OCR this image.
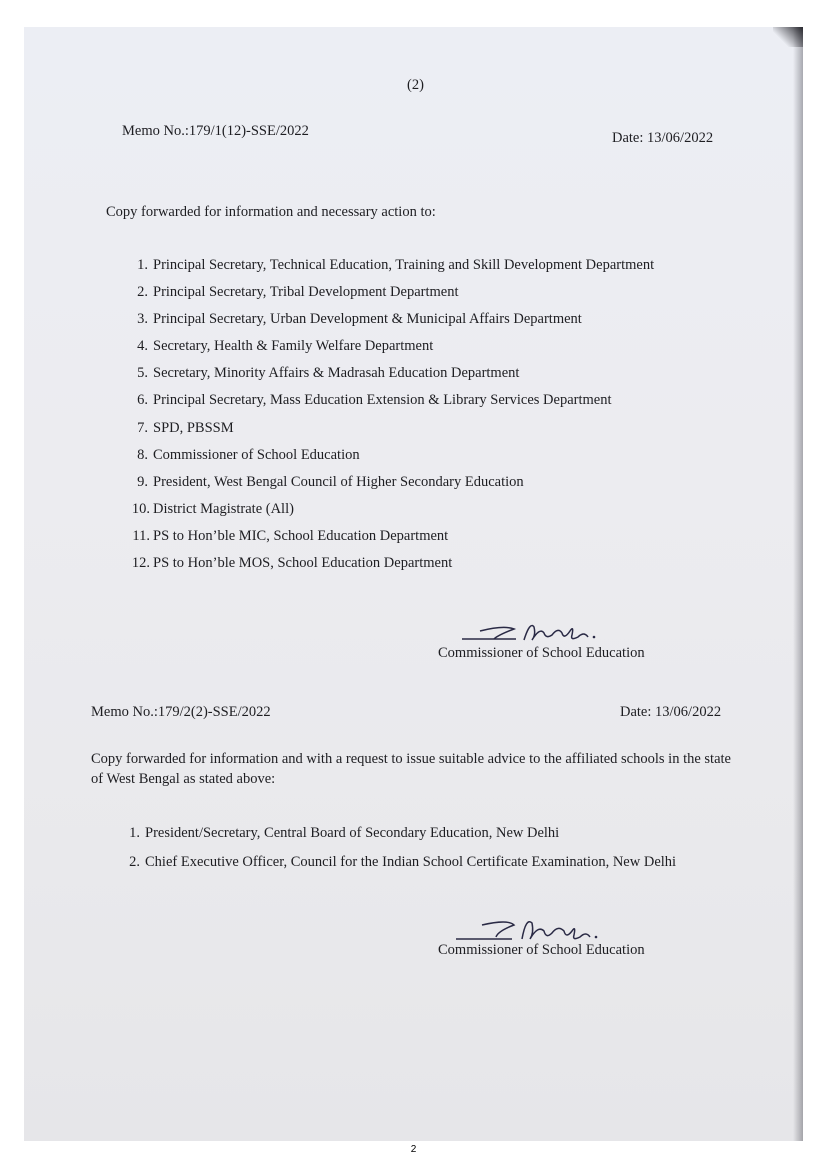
(2)
Memo No.:179/1(12)-SSE/2022	Date: 13/06/2022
Copy forwarded for information and necessary action to:
1. Principal Secretary, Technical Education, Training and Skill Development Department
2. Principal Secretary, Tribal Development Department
3. Principal Secretary, Urban Development & Municipal Affairs Department
4. Secretary, Health & Family Welfare Department
5. Secretary, Minority Affairs & Madrasah Education Department
6. Principal Secretary, Mass Education Extension & Library Services Department
7. SPD, PBSSM
8. Commissioner of School Education
9. President, West Bengal Council of Higher Secondary Education
10. District Magistrate (All)
11. PS to Hon’ble MIC, School Education Department
12. PS to Hon’ble MOS, School Education Department
Commissioner of School Education
Memo No.:179/2(2)-SSE/2022	Date: 13/06/2022
Copy forwarded for information and with a request to issue suitable advice to the affiliated schools in the state of West Bengal as stated above:
1. President/Secretary, Central Board of Secondary Education, New Delhi
2. Chief Executive Officer, Council for the Indian School Certificate Examination, New Delhi
Commissioner of School Education
2
